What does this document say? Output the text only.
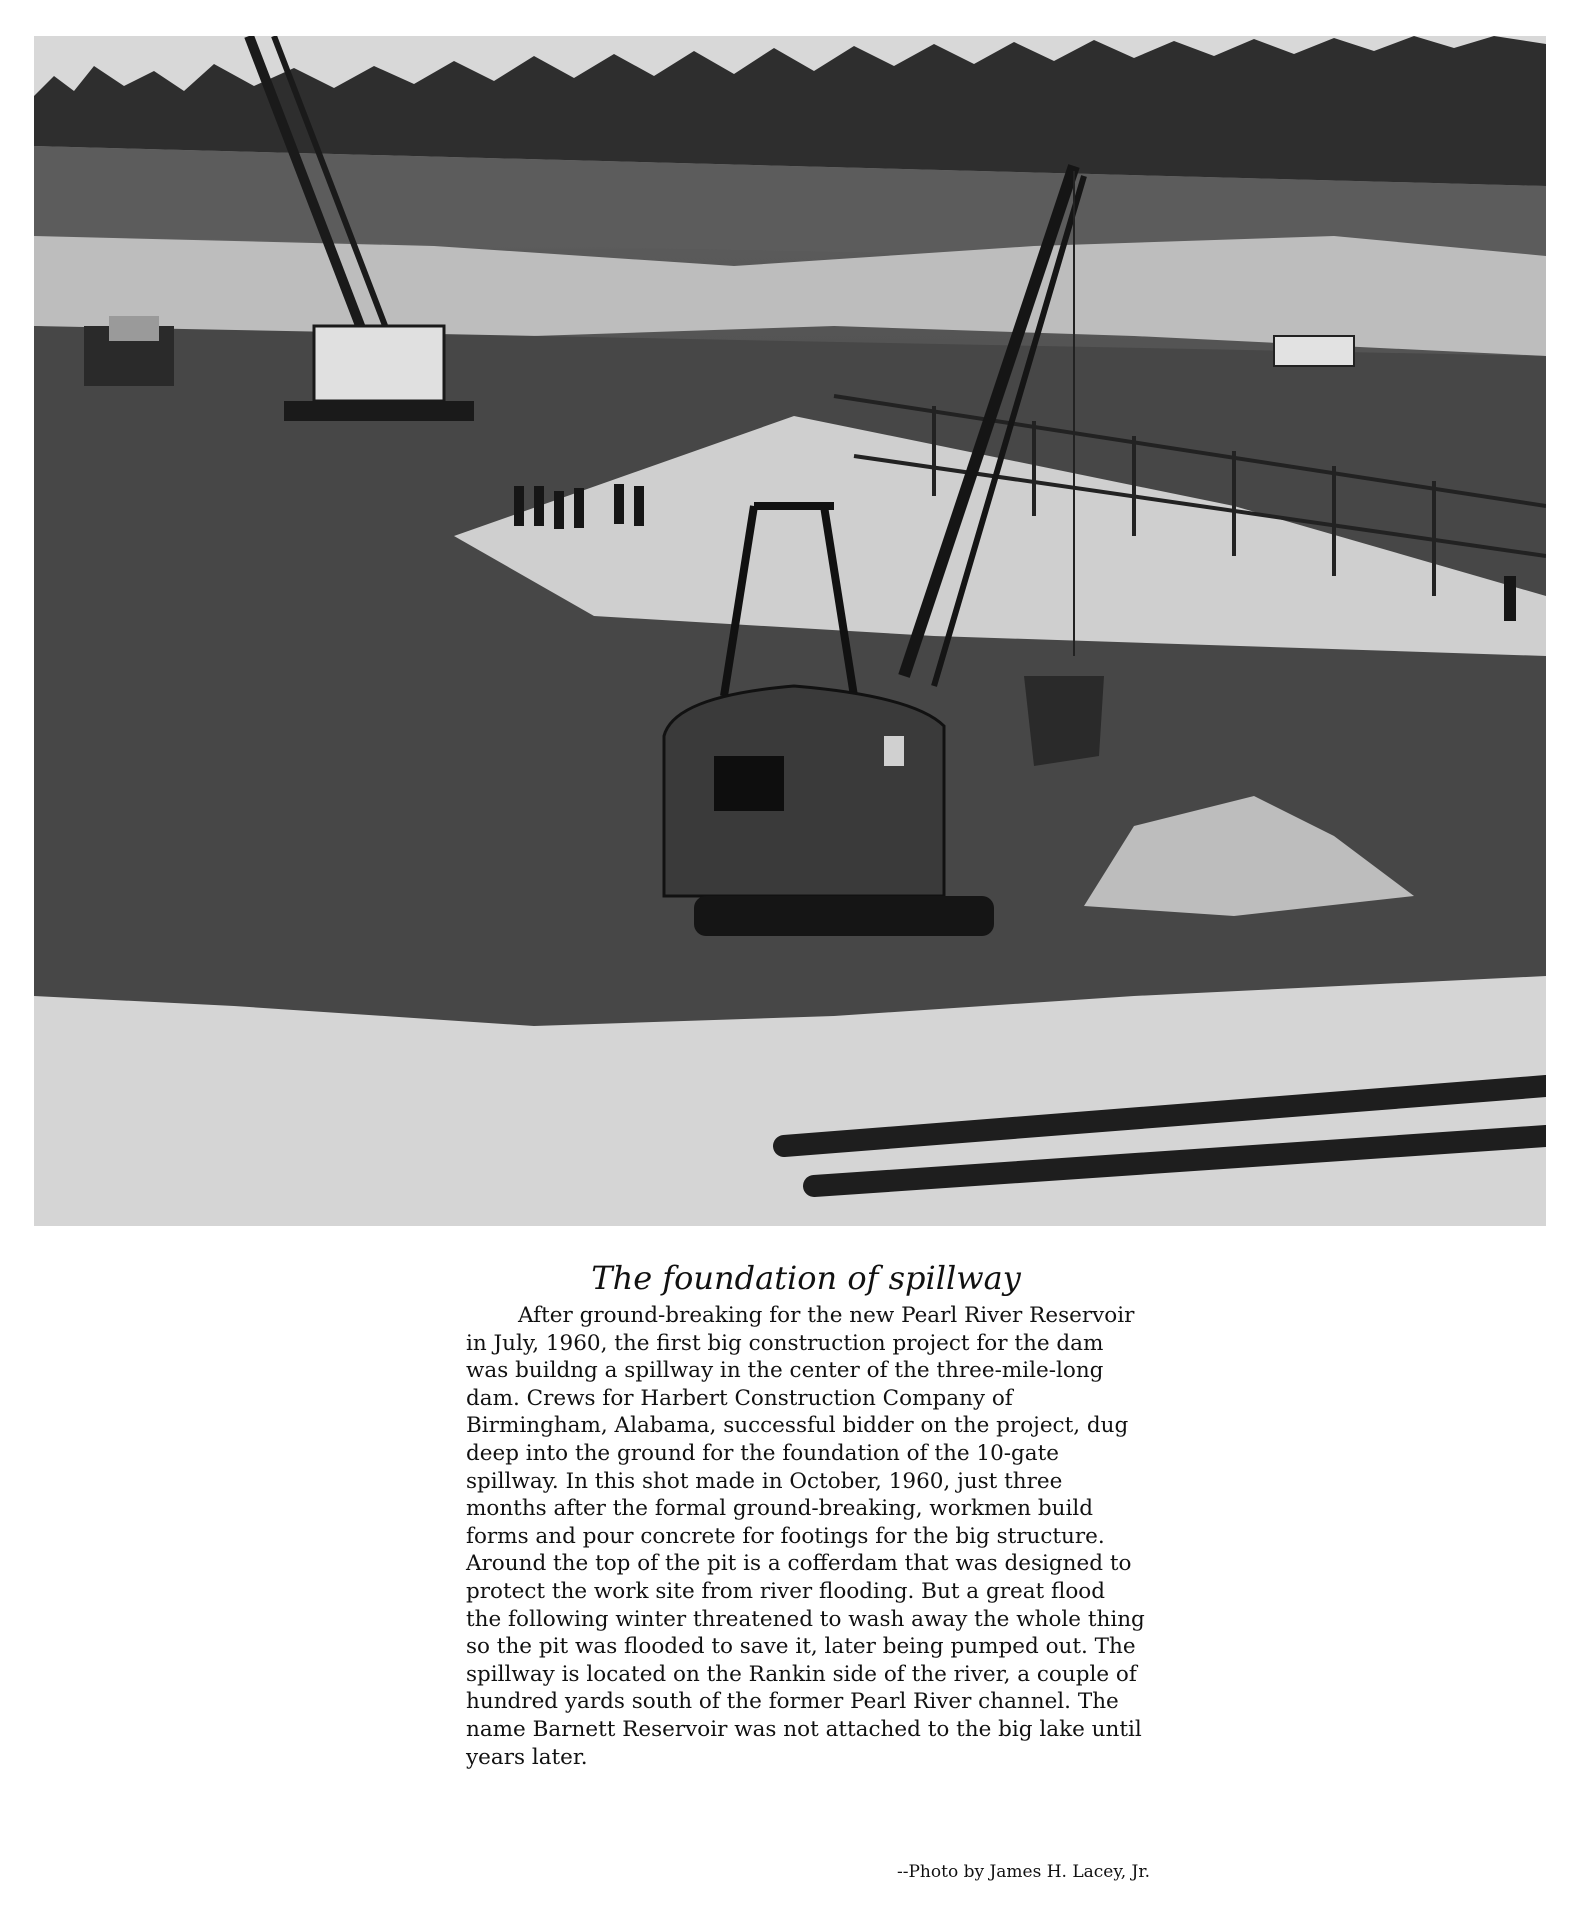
The foundation of spillway

After ground-breaking for the new Pearl River Reservoir in July, 1960, the first big construction project for the dam was buildng a spillway in the center of the three-mile-long dam. Crews for Harbert Construction Company of Birmingham, Alabama, successful bidder on the project, dug deep into the ground for the foundation of the 10-gate spillway. In this shot made in October, 1960, just three months after the formal ground-breaking, workmen build forms and pour concrete for footings for the big structure. Around the top of the pit is a cofferdam that was designed to protect the work site from river flooding. But a great flood the following winter threatened to wash away the whole thing so the pit was flooded to save it, later being pumped out. The spillway is located on the Rankin side of the river, a couple of hundred yards south of the former Pearl River channel. The name Barnett Reservoir was not attached to the big lake until years later.

--Photo by James H. Lacey, Jr.
